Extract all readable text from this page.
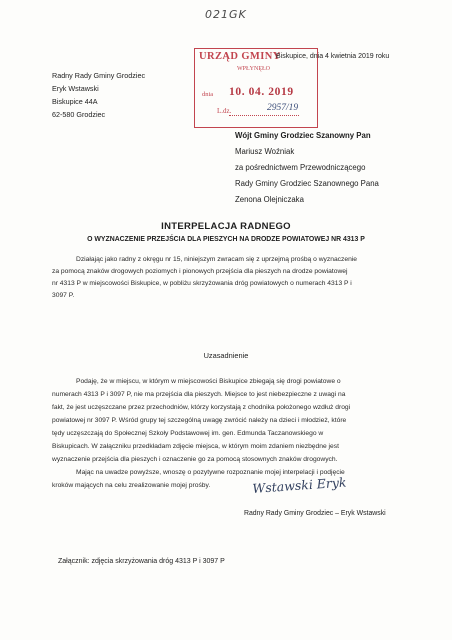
021GK
URZĄD GMINY
WPŁYNĘŁO
dnia 10. 04. 2019
L.dz.	2957/19
Biskupice, dnia 4 kwietnia 2019 roku
Radny Rady Gminy Grodziec
Eryk Wstawski
Biskupice 44A
62-580 Grodziec
Wójt Gminy Grodziec Szanowny Pan
Mariusz Woźniak
za pośrednictwem Przewodniczącego
Rady Gminy Grodziec Szanownego Pana
Zenona Olejniczaka
INTERPELACJA RADNEGO
O WYZNACZENIE PRZEJŚCIA DLA PIESZYCH NA DRODZE POWIATOWEJ NR 4313 P
Działając jako radny z okręgu nr 15, niniejszym zwracam się z uprzejmą prośbą o wyznaczenie
za pomocą znaków drogowych poziomych i pionowych przejścia dla pieszych na drodze powiatowej
nr 4313 P w miejscowości Biskupice, w pobliżu skrzyżowania dróg powiatowych o numerach 4313 P i
3097 P.
Uzasadnienie
Podaję, że w miejscu, w którym w miejscowości Biskupice zbiegają się drogi powiatowe o
numerach 4313 P i 3097 P, nie ma przejścia dla pieszych. Miejsce to jest niebezpieczne z uwagi na
fakt, że jest uczęszczane przez przechodniów, którzy korzystają z chodnika położonego wzdłuż drogi
powiatowej nr 3097 P. Wśród grupy tej szczególną uwagę zwrócić należy na dzieci i młodzież, które
tędy uczęszczają do Społecznej Szkoły Podstawowej im. gen. Edmunda Taczanowskiego w
Biskupicach. W załączniku przedkładam zdjęcie miejsca, w którym moim zdaniem niezbędne jest
wyznaczenie przejścia dla pieszych i oznaczenie go za pomocą stosownych znaków drogowych.
Mając na uwadze powyższe, wnoszę o pozytywne rozpoznanie mojej interpelacji i podjęcie
kroków mających na celu zrealizowanie mojej prośby.	Wstawski Eryk
Radny Rady Gminy Grodziec – Eryk Wstawski
Załącznik: zdjęcia skrzyżowania dróg 4313 P i 3097 P
